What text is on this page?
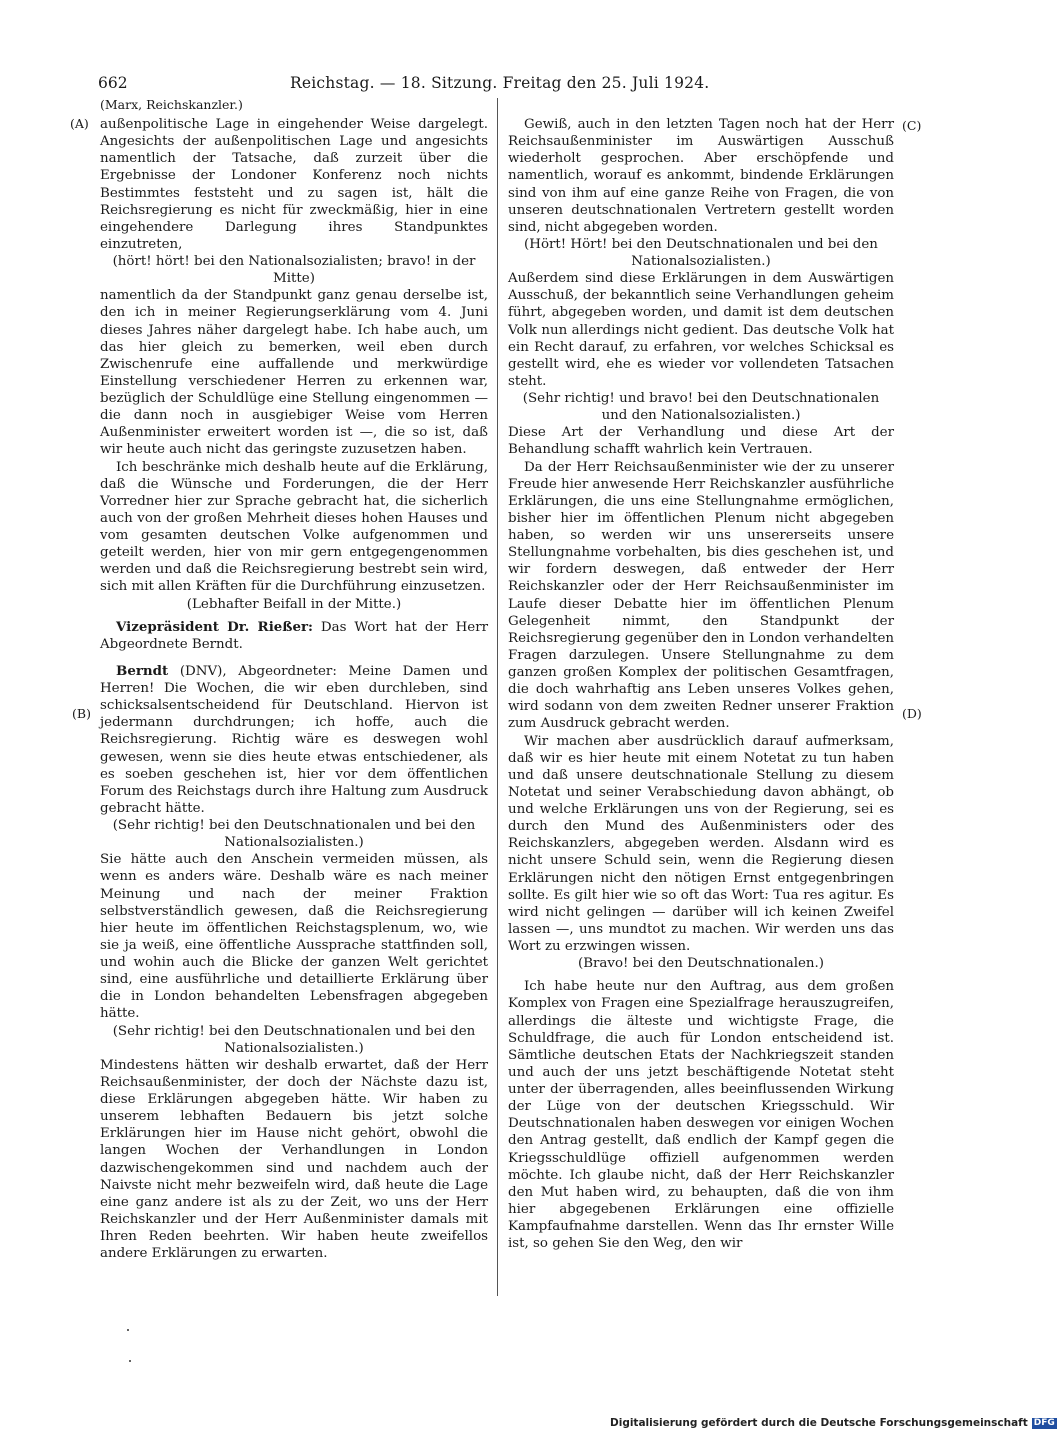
662	Reichstag. — 18. Sitzung. Freitag den 25. Juli 1924.
(Marx, Reichskanzler.)
(A)
(B)
(C)
(D)

außenpolitische Lage in eingehender Weise dargelegt. Angesichts der außenpolitischen Lage und angesichts namentlich der Tatsache, daß zurzeit über die Ergebnisse der Londoner Konferenz noch nichts Bestimmtes feststeht und zu sagen ist, hält die Reichsregierung es nicht für zweckmäßig, hier in eine eingehendere Darlegung ihres Standpunktes einzutreten,

(hört! hört! bei den Nationalsozialisten; bravo! in der Mitte)

namentlich da der Standpunkt ganz genau derselbe ist, den ich in meiner Regierungserklärung vom 4. Juni dieses Jahres näher dargelegt habe. Ich habe auch, um das hier gleich zu bemerken, weil eben durch Zwischenrufe eine auffallende und merkwürdige Einstellung verschiedener Herren zu erkennen war, bezüglich der Schuldlüge eine Stellung eingenommen — die dann noch in ausgiebiger Weise vom Herren Außenminister erweitert worden ist —, die so ist, daß wir heute auch nicht das geringste zuzusetzen haben.

Ich beschränke mich deshalb heute auf die Erklärung, daß die Wünsche und Forderungen, die der Herr Vorredner hier zur Sprache gebracht hat, die sicherlich auch von der großen Mehrheit dieses hohen Hauses und vom gesamten deutschen Volke aufgenommen und geteilt werden, hier von mir gern entgegengenommen werden und daß die Reichsregierung bestrebt sein wird, sich mit allen Kräften für die Durchführung einzusetzen.

(Lebhafter Beifall in der Mitte.)

Vizepräsident Dr. Rießer: Das Wort hat der Herr Abgeordnete Berndt.

Berndt (DNV), Abgeordneter: Meine Damen und Herren! Die Wochen, die wir eben durchleben, sind schicksalsentscheidend für Deutschland. Hiervon ist jedermann durchdrungen; ich hoffe, auch die Reichsregierung. Richtig wäre es deswegen wohl gewesen, wenn sie dies heute etwas entschiedener, als es soeben geschehen ist, hier vor dem öffentlichen Forum des Reichstags durch ihre Haltung zum Ausdruck gebracht hätte.

(Sehr richtig! bei den Deutschnationalen und bei den Nationalsozialisten.)

Sie hätte auch den Anschein vermeiden müssen, als wenn es anders wäre. Deshalb wäre es nach meiner Meinung und nach der meiner Fraktion selbstverständlich gewesen, daß die Reichsregierung hier heute im öffentlichen Reichstagsplenum, wo, wie sie ja weiß, eine öffentliche Aussprache stattfinden soll, und wohin auch die Blicke der ganzen Welt gerichtet sind, eine ausführliche und detaillierte Erklärung über die in London behandelten Lebensfragen abgegeben hätte.

(Sehr richtig! bei den Deutschnationalen und bei den Nationalsozialisten.)

Mindestens hätten wir deshalb erwartet, daß der Herr Reichsaußenminister, der doch der Nächste dazu ist, diese Erklärungen abgegeben hätte. Wir haben zu unserem lebhaften Bedauern bis jetzt solche Erklärungen hier im Hause nicht gehört, obwohl die langen Wochen der Verhandlungen in London dazwischengekommen sind und nachdem auch der Naivste nicht mehr bezweifeln wird, daß heute die Lage eine ganz andere ist als zu der Zeit, wo uns der Herr Reichskanzler und der Herr Außenminister damals mit Ihren Reden beehrten. Wir haben heute zweifellos andere Erklärungen zu erwarten.

Gewiß, auch in den letzten Tagen noch hat der Herr Reichsaußenminister im Auswärtigen Ausschuß wiederholt gesprochen. Aber erschöpfende und namentlich, worauf es ankommt, bindende Erklärungen sind von ihm auf eine ganze Reihe von Fragen, die von unseren deutschnationalen Vertretern gestellt worden sind, nicht abgegeben worden.

(Hört! Hört! bei den Deutschnationalen und bei den Nationalsozialisten.)

Außerdem sind diese Erklärungen in dem Auswärtigen Ausschuß, der bekanntlich seine Verhandlungen geheim führt, abgegeben worden, und damit ist dem deutschen Volk nun allerdings nicht gedient. Das deutsche Volk hat ein Recht darauf, zu erfahren, vor welches Schicksal es gestellt wird, ehe es wieder vor vollendeten Tatsachen steht.

(Sehr richtig! und bravo! bei den Deutschnationalen und den Nationalsozialisten.)

Diese Art der Verhandlung und diese Art der Behandlung schafft wahrlich kein Vertrauen.

Da der Herr Reichsaußenminister wie der zu unserer Freude hier anwesende Herr Reichskanzler ausführliche Erklärungen, die uns eine Stellungnahme ermöglichen, bisher hier im öffentlichen Plenum nicht abgegeben haben, so werden wir uns unsererseits unsere Stellungnahme vorbehalten, bis dies geschehen ist, und wir fordern deswegen, daß entweder der Herr Reichskanzler oder der Herr Reichsaußenminister im Laufe dieser Debatte hier im öffentlichen Plenum Gelegenheit nimmt, den Standpunkt der Reichsregierung gegenüber den in London verhandelten Fragen darzulegen. Unsere Stellungnahme zu dem ganzen großen Komplex der politischen Gesamtfragen, die doch wahrhaftig ans Leben unseres Volkes gehen, wird sodann von dem zweiten Redner unserer Fraktion zum Ausdruck gebracht werden.

Wir machen aber ausdrücklich darauf aufmerksam, daß wir es hier heute mit einem Notetat zu tun haben und daß unsere deutschnationale Stellung zu diesem Notetat und seiner Verabschiedung davon abhängt, ob und welche Erklärungen uns von der Regierung, sei es durch den Mund des Außenministers oder des Reichskanzlers, abgegeben werden. Alsdann wird es nicht unsere Schuld sein, wenn die Regierung diesen Erklärungen nicht den nötigen Ernst entgegenbringen sollte. Es gilt hier wie so oft das Wort: Tua res agitur. Es wird nicht gelingen — darüber will ich keinen Zweifel lassen —, uns mundtot zu machen. Wir werden uns das Wort zu erzwingen wissen.

(Bravo! bei den Deutschnationalen.)

Ich habe heute nur den Auftrag, aus dem großen Komplex von Fragen eine Spezialfrage herauszugreifen, allerdings die älteste und wichtigste Frage, die Schuldfrage, die auch für London entscheidend ist. Sämtliche deutschen Etats der Nachkriegszeit standen und auch der uns jetzt beschäftigende Notetat steht unter der überragenden, alles beeinflussenden Wirkung der Lüge von der deutschen Kriegsschuld. Wir Deutschnationalen haben deswegen vor einigen Wochen den Antrag gestellt, daß endlich der Kampf gegen die Kriegsschuldlüge offiziell aufgenommen werden möchte. Ich glaube nicht, daß der Herr Reichskanzler den Mut haben wird, zu behaupten, daß die von ihm hier abgegebenen Erklärungen eine offizielle Kampfaufnahme darstellen. Wenn das Ihr ernster Wille ist, so gehen Sie den Weg, den wir

Digitalisierung gefördert durch die Deutsche Forschungsgemeinschaft DFG
